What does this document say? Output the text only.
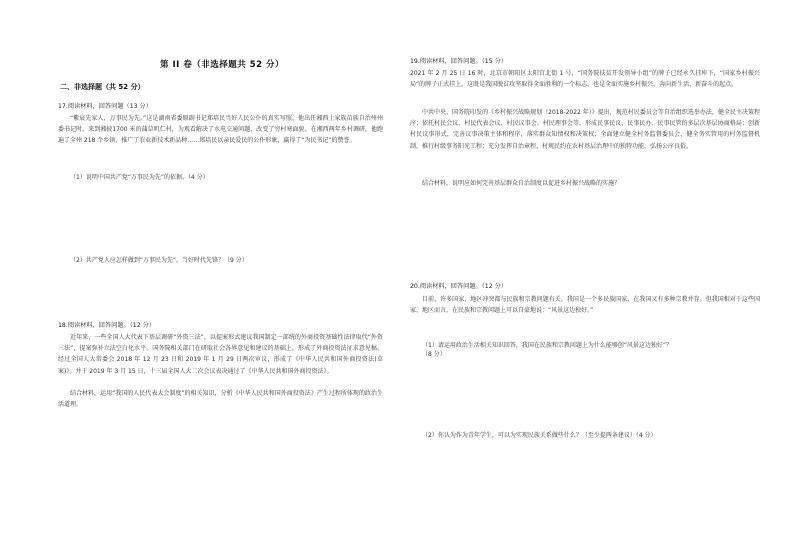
第 II 卷（非选择题共 52 分）
二、非选择题（共 52 分）
17.阅读材料，回答问题（13 分）

“紫宸先家人，万事民为先。”这是湖南省委原副书记郑培民当好人民公仆的真实写照。他出任湘西土家族苗族自治州州委书记时，来到湘披1700 米的蒲草叽仁村，为观看解决了水电交通问题，改变了穷村寒面貌。在湘西两年乡村调研，他跑遍了全州 218 个乡镇，推广了农业新技术新品种……郑培民以亲民爱民的公仆形象，赢得了“为民书记”的赞誉。

（1）说明中国共产党“万事民为先”的依据。（4 分）
（2）共产党人应怎样做到“万事民为先”，当好时代先锋？（9 分）
18.阅读材料，回答问题。（12 分）

近年来，一些全国人大代表下基层调研“外资三法”，以提案形式建议我国制定一部统的外商投资基础性法律取代“外资三法”，提案弥补立法空白化水平。国务院相关部门在研取社会各界意见和建议的基础上，形成了外商投资法征求意见稿。经过全国人大常委会 2018 年 12 月 23 日和 2019 年 1 月 29 日两次审议，形成了《中华人民共和国外商投资法(草案)》。并于 2019 年 3 月 15 日，十三届全国人大二次会议表决通过了《中华人民共和国外商投资法》。

结合材料，运用“我国的人民代表大会制度”的相关知识，分析《中华人民共和国外商投资法》产生过程所体现的政治生活道理。

19.阅读材料，回答问题。（15 分）

2021 年 2 月 25 日 16 时，北京市朝阳区太阳宫北街 1 号，“国务院扶贫开发领导小组”的牌子已经永久挂库下，“国家乡村振兴局”的牌子正式挂上。这既是我国脱贫攻坚取得全面胜利的一个标志，也是全面实施乡村振兴，奔向新生活、新奋斗的起点。

中共中央、国务院印发的《乡村振兴战略规划（2018-2022 年）》提出，规范村民委员会等自治组织选举办法，健全民主决策程序；依托村民会议、村民代表会议、村民议事会、村民理事会等，形成民事民议、民事民办、民事民管的多层次基层协商格局；创新村民议事形式，完善议事决策主体和程序，落实群众知情权和决策权；全面建立健全村务监督委员会，健全务实管用的村务监督机制，推行村级事务阳光工程；充分发挥自治章程、村规民约在农村基层治理中的独特功能，弘扬公序良俗。

结合材料，说明应如何完善基层群众自治制度以促进乡村振兴战略的实施？
20.阅读材料，回答问题。（12 分）

目前，许多国家、地区冲突都与民族和宗教问题有关。我国是一个多民族国家，在我国又有多种宗教并存。但我国相对于这些国家、地区而言，在民族和宗教问题上可以自豪地说：“风景这边独好。”

（1）请运用政治生活相关知识回答，我国在民族和宗教问题上为什么能够创“风景这边独好”？
（8 分）
（2）你认为作为青年学生，可以为实现民族关系做些什么？（至少提两条建议）（4 分）
